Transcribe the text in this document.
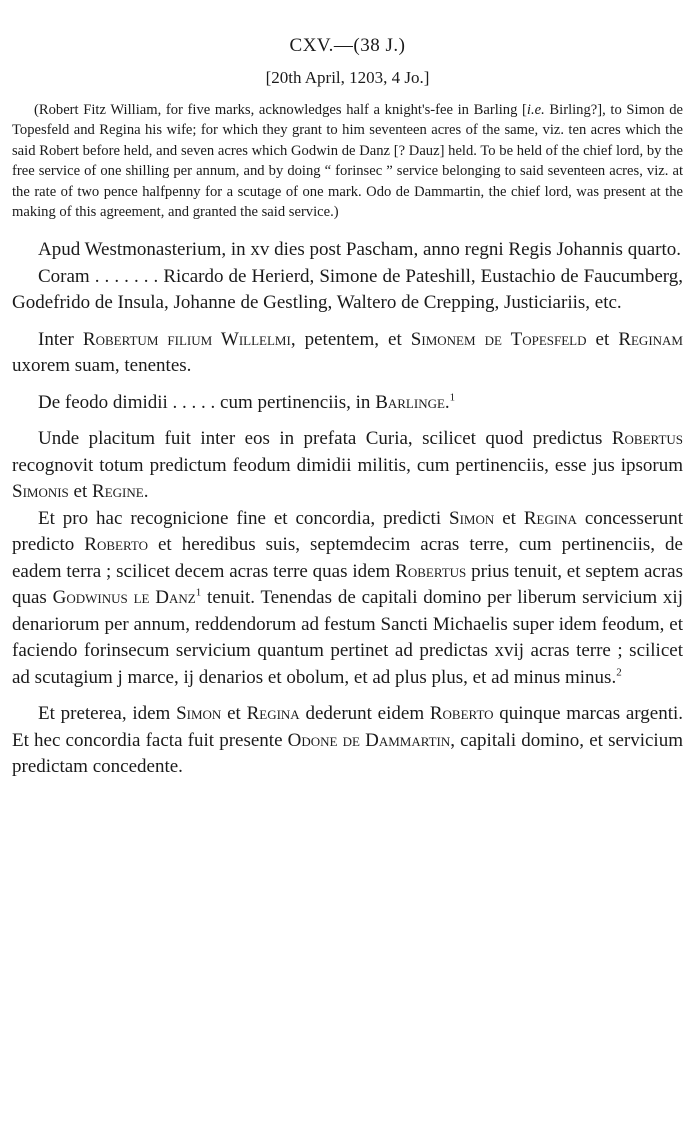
CXV.—(38 J.)
[20th April, 1203, 4 Jo.]

(Robert Fitz William, for five marks, acknowledges half a knight's-fee in Barling [i.e. Birling?], to Simon de Topesfeld and Regina his wife; for which they grant to him seventeen acres of the same, viz. ten acres which the said Robert before held, and seven acres which Godwin de Danz [? Dauz] held. To be held of the chief lord, by the free service of one shilling per annum, and by doing “ forinsec ” service belonging to said seventeen acres, viz. at the rate of two pence halfpenny for a scutage of one mark. Odo de Dammartin, the chief lord, was present at the making of this agreement, and granted the said service.)

Apud Westmonasterium, in xv dies post Pascham, anno regni Regis Johannis quarto.

Coram . . . . . . . Ricardo de Herierd, Simone de Pateshill, Eustachio de Faucumberg, Godefrido de Insula, Johanne de Gestling, Waltero de Crepping, Justiciariis, etc.

Inter Robertum filium Willelmi, petentem, et Simonem de Topesfeld et Reginam uxorem suam, tenentes.

De feodo dimidii . . . . . cum pertinenciis, in Barlinge.$^1$

Unde placitum fuit inter eos in prefata Curia, scilicet quod predictus Robertus recognovit totum predictum feodum dimidii militis, cum pertinenciis, esse jus ipsorum Simonis et Regine.

Et pro hac recognicione fine et concordia, predicti Simon et Regina concesserunt predicto Roberto et heredibus suis, septemdecim acras terre, cum pertinenciis, de eadem terra ; scilicet decem acras terre quas idem Robertus prius tenuit, et septem acras quas Godwinus le Danz$^1$ tenuit. Tenendas de capitali domino per liberum servicium xij denariorum per annum, reddendorum ad festum Sancti Michaelis super idem feodum, et faciendo forinsecum servicium quantum pertinet ad predictas xvij acras terre ; scilicet ad scutagium j marce, ij denarios et obolum, et ad plus plus, et ad minus minus.$^2$

Et preterea, idem Simon et Regina dederunt eidem Roberto quinque marcas argenti. Et hec concordia facta fuit presente Odone de Dammartin, capitali domino, et servicium predictam concedente.
